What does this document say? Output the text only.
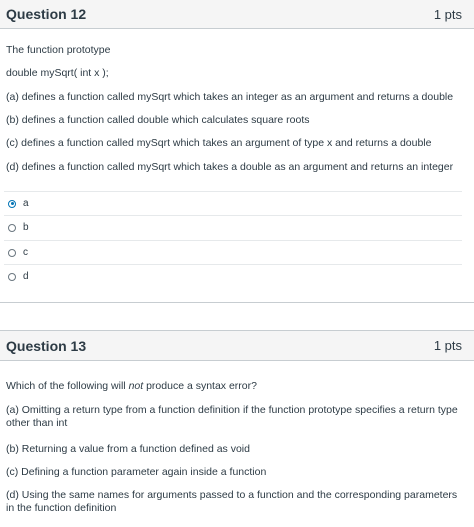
Question 12	1 pts
The function prototype
double mySqrt( int x );
(a) defines a function called mySqrt which takes an integer as an argument and returns a double
(b) defines a function called double which calculates square roots
(c) defines a function called mySqrt which takes an argument of type x and returns a double
(d) defines a function called mySqrt which takes a double as an argument and returns an integer
a
b
c
d
Question 13	1 pts
Which of the following will not produce a syntax error?
(a) Omitting a return type from a function definition if the function prototype specifies a return type other than int
(b) Returning a value from a function defined as void
(c) Defining a function parameter again inside a function
(d) Using the same names for arguments passed to a function and the corresponding parameters in the function definition
